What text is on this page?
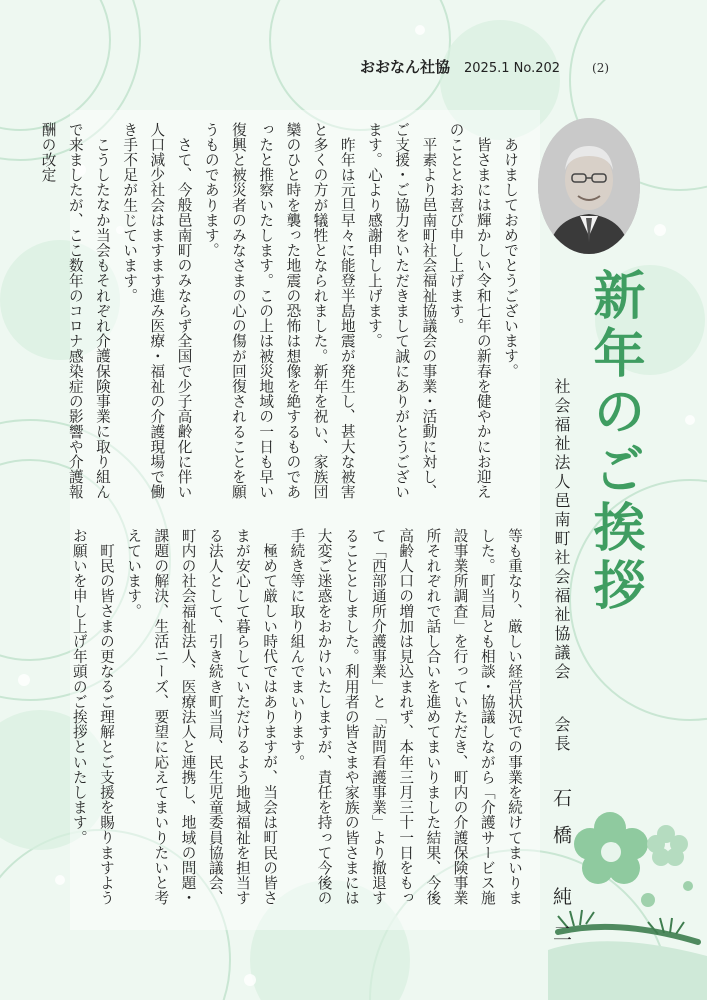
おおなん社協 2025.1 No.202	(2)
新年のご挨拶
社会福祉法人邑南町社会福祉協議会 会長 石橋 純二

あけましておめでとうございます。

皆さまには輝かしい令和七年の新春を健やかにお迎えのこととお喜び申し上げます。

平素より邑南町社会福祉協議会の事業・活動に対し、ご支援・ご協力をいただきまして誠にありがとうございます。心より感謝申し上げます。

昨年は元旦早々に能登半島地震が発生し、甚大な被害と多くの方が犠牲となられました。新年を祝い、家族団欒のひと時を襲った地震の恐怖は想像を絶するものであったと推察いたします。この上は被災地域の一日も早い復興と被災者のみなさまの心の傷が回復されることを願うものであります。

さて、今般邑南町のみならず全国で少子高齢化に伴い人口減少社会はますます進み医療・福祉の介護現場で働き手不足が生じています。

こうしたなか当会もそれぞれ介護保険事業に取り組んで来ましたが、ここ数年のコロナ感染症の影響や介護報酬の改定

等も重なり、厳しい経営状況での事業を続けてまいりました。町当局とも相談・協議しながら「介護サービス施設事業所調査」を行っていただき、町内の介護保険事業所それぞれで話し合いを進めてまいりました結果、今後高齢人口の増加は見込まれず、本年三月三十一日をもって「西部通所介護事業」と「訪問看護事業」より撤退することとしました。利用者の皆さまや家族の皆さまには大変ご迷惑をおかけいたしますが、責任を持って今後の手続き等に取り組んでまいります。

極めて厳しい時代ではありますが、当会は町民の皆さまが安心して暮らしていただけるよう地域福祉を担当する法人として、引き続き町当局、民生児童委員協議会、町内の社会福祉法人、医療法人と連携し、地域の問題・課題の解決、生活ニーズ、要望に応えてまいりたいと考えています。

町民の皆さまの更なるご理解とご支援を賜りますようお願いを申し上げ年頭のご挨拶といたします。
